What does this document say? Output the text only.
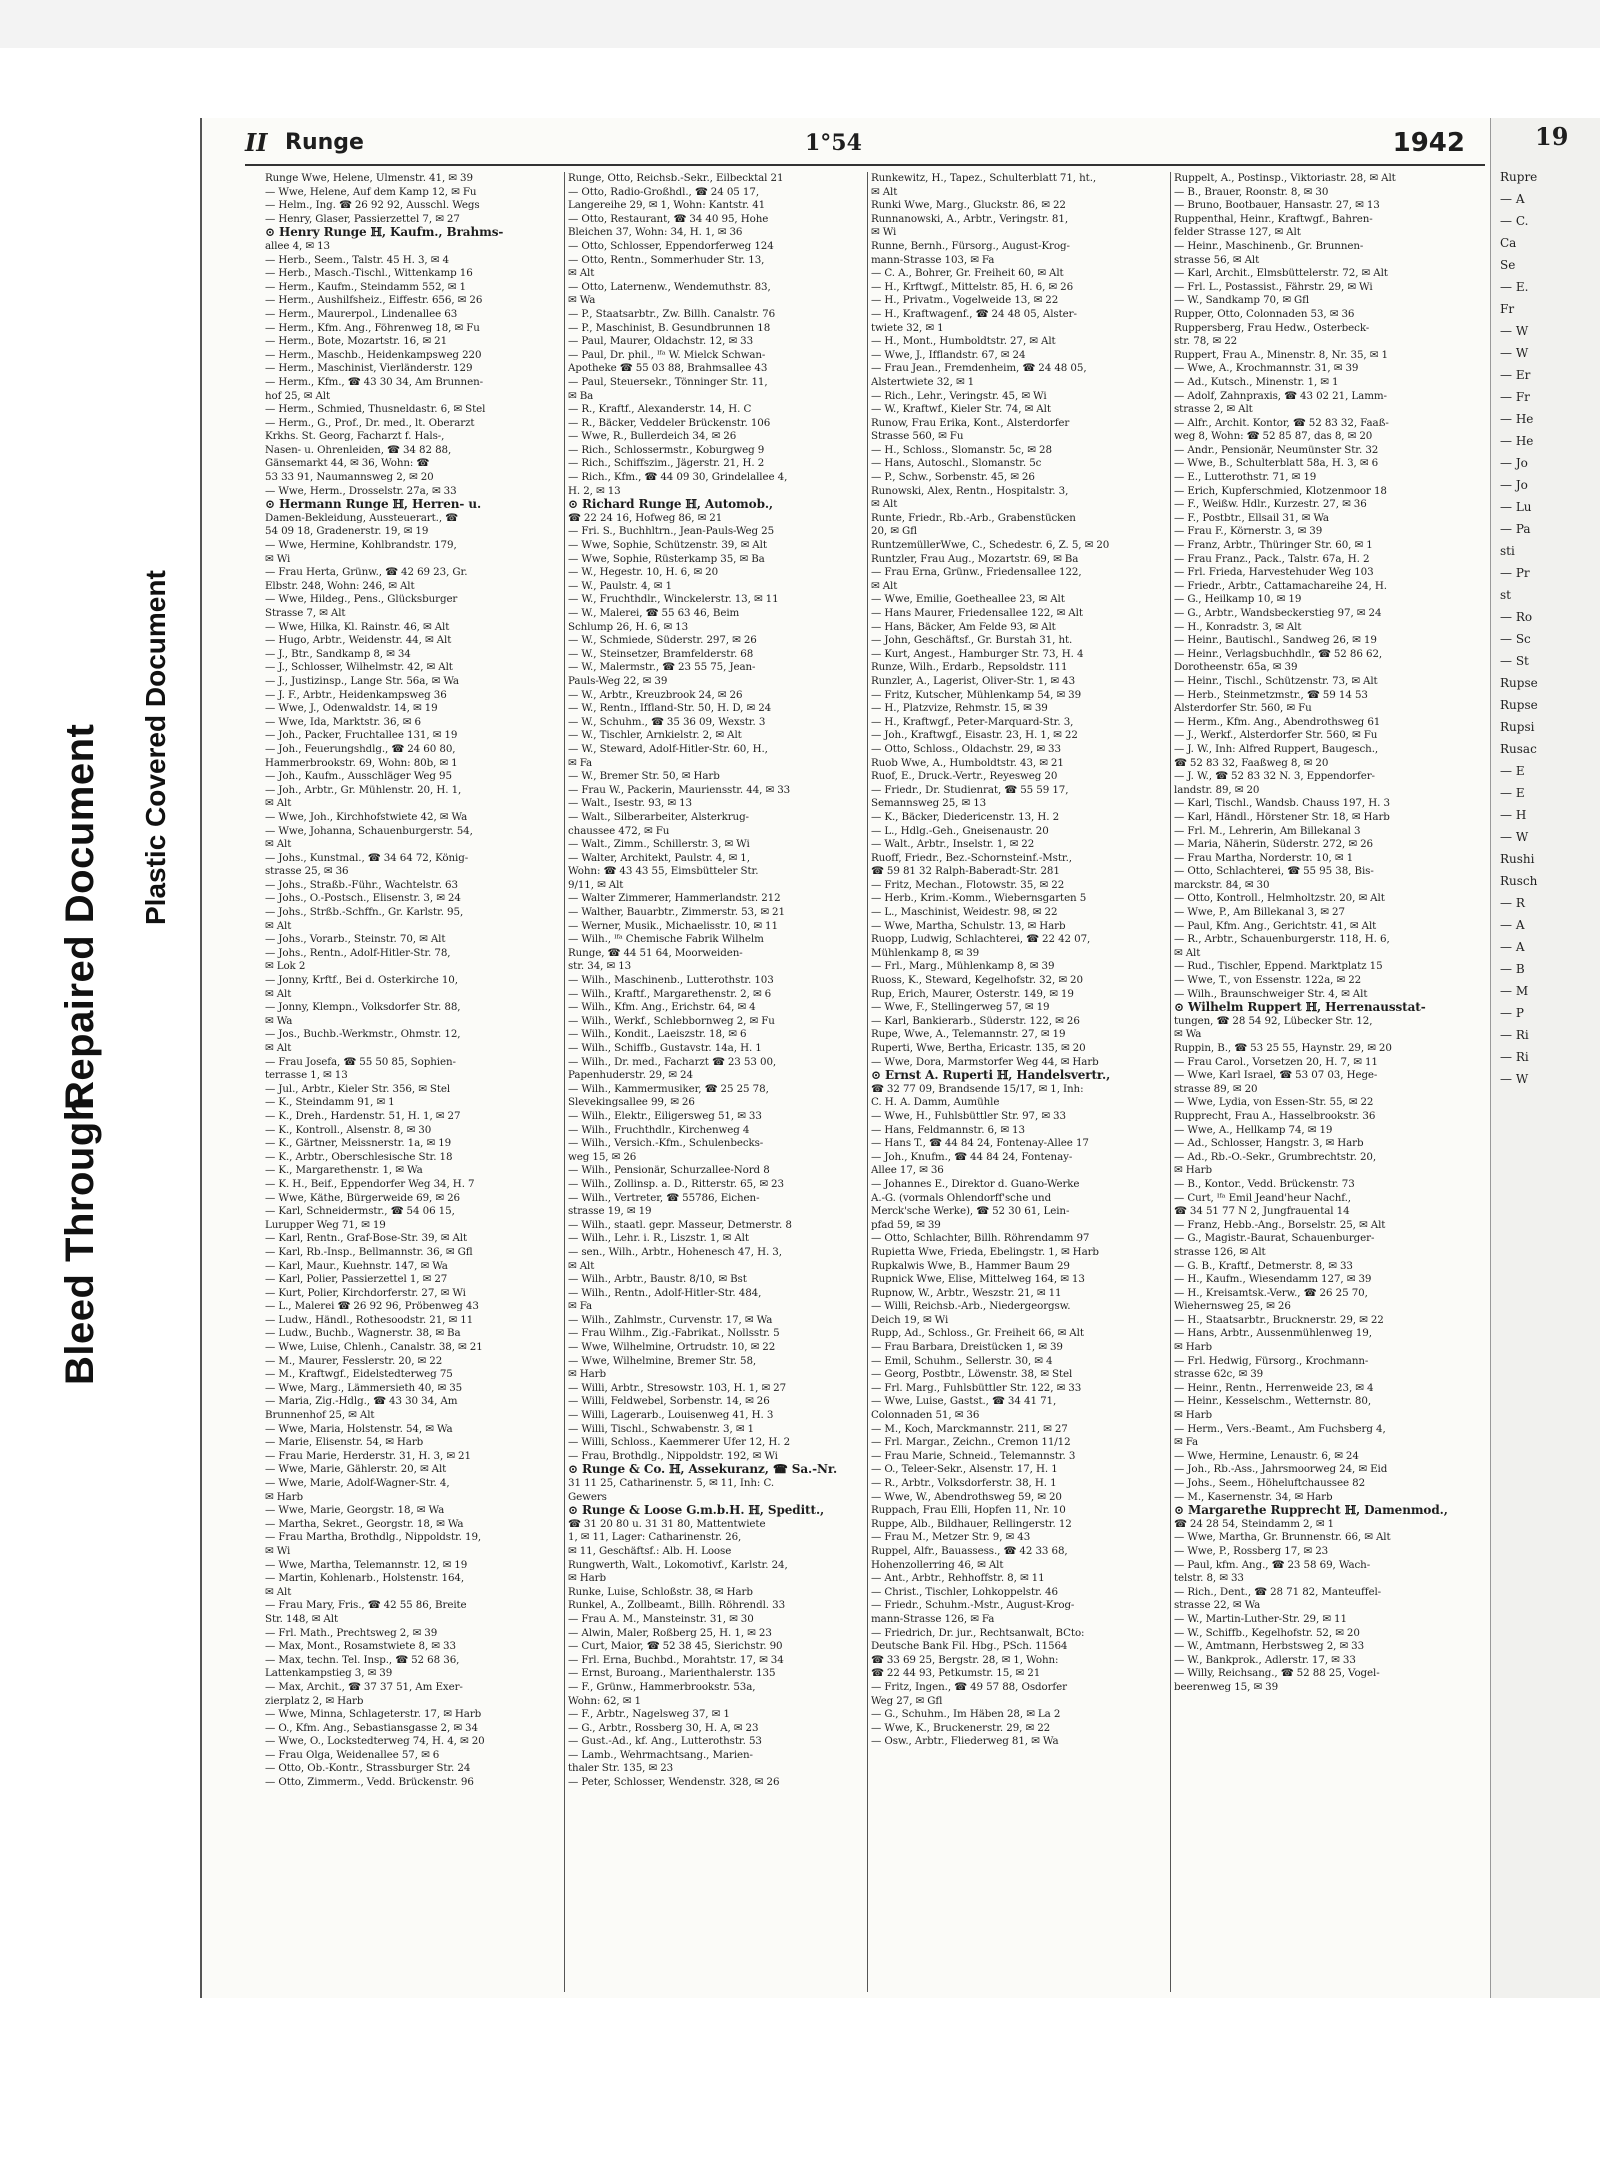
Bleed Through
Repaired Document Plastic Covered Document
19
Rupre
— A
— C.
Ca
Se
— E.
Fr
— W
— W
— Er
— Fr
— He
— He
— Jo
— Jo
— Lu
— Pa
sti
— Pr
st
— Ro
— Sc
— St
Rupse
Rupse
Rupsi
Rusac
— E
— E
— H
— W
Rushi
Rusch
— R
— A
— A
— B
— M
— P
— Ri
— Ri
— W
II Runge	1°54	1942
Runge Wwe, Helene, Ulmenstr. 41, ✉ 39
— Wwe, Helene, Auf dem Kamp 12, ✉ Fu
— Helm., Ing. ☎ 26 92 92, Ausschl. Wegs
— Henry, Glaser, Passierzettel 7, ✉ 27
⊙ Henry Runge ℍ, Kaufm., Brahms-
allee 4, ✉ 13
— Herb., Seem., Talstr. 45 H. 3, ✉ 4
— Herb., Masch.-Tischl., Wittenkamp 16
— Herm., Kaufm., Steindamm 552, ✉ 1
— Herm., Aushilfsheiz., Eiffestr. 656, ✉ 26
— Herm., Maurerpol., Lindenallee 63
— Herm., Kfm. Ang., Föhrenweg 18, ✉ Fu
— Herm., Bote, Mozartstr. 16, ✉ 21
— Herm., Maschb., Heidenkampsweg 220
— Herm., Maschinist, Vierländerstr. 129
— Herm., Kfm., ☎ 43 30 34, Am Brunnen-
hof 25, ✉ Alt
— Herm., Schmied, Thusneldastr. 6, ✉ Stel
— Herm., G., Prof., Dr. med., lt. Oberarzt
Krkhs. St. Georg, Facharzt f. Hals-,
Nasen- u. Ohrenleiden, ☎ 34 82 88,
Gänsemarkt 44, ✉ 36, Wohn: ☎
53 33 91, Naumannsweg 2, ✉ 20
— Wwe, Herm., Drosselstr. 27a, ✉ 33
⊙ Hermann Runge ℍ, Herren- u.
Damen-Bekleidung, Aussteuerart., ☎
54 09 18, Gradenerstr. 19, ✉ 19
— Wwe, Hermine, Kohlbrandstr. 179,
✉ Wi
— Frau Herta, Grünw., ☎ 42 69 23, Gr.
Elbstr. 248, Wohn: 246, ✉ Alt
— Wwe, Hildeg., Pens., Glücksburger
Strasse 7, ✉ Alt
— Wwe, Hilka, Kl. Rainstr. 46, ✉ Alt
— Hugo, Arbtr., Weidenstr. 44, ✉ Alt
— J., Btr., Sandkamp 8, ✉ 34
— J., Schlosser, Wilhelmstr. 42, ✉ Alt
— J., Justizinsp., Lange Str. 56a, ✉ Wa
— J. F., Arbtr., Heidenkampsweg 36
— Wwe, J., Odenwaldstr. 14, ✉ 19
— Wwe, Ida, Marktstr. 36, ✉ 6
— Joh., Packer, Fruchtallee 131, ✉ 19
— Joh., Feuerungshdlg., ☎ 24 60 80,
Hammerbrookstr. 69, Wohn: 80b, ✉ 1
— Joh., Kaufm., Ausschläger Weg 95
— Joh., Arbtr., Gr. Mühlenstr. 20, H. 1,
✉ Alt
— Wwe, Joh., Kirchhofstwiete 42, ✉ Wa
— Wwe, Johanna, Schauenburgerstr. 54,
✉ Alt
— Johs., Kunstmal., ☎ 34 64 72, König-
strasse 25, ✉ 36
— Johs., Straßb.-Führ., Wachtelstr. 63
— Johs., O.-Postsch., Elisenstr. 3, ✉ 24
— Johs., Strßb.-Schffn., Gr. Karlstr. 95,
✉ Alt
— Johs., Vorarb., Steinstr. 70, ✉ Alt
— Johs., Rentn., Adolf-Hitler-Str. 78,
✉ Lok 2
— Jonny, Krftf., Bei d. Osterkirche 10,
✉ Alt
— Jonny, Klempn., Volksdorfer Str. 88,
✉ Wa
— Jos., Buchb.-Werkmstr., Ohmstr. 12,
✉ Alt
— Frau Josefa, ☎ 55 50 85, Sophien-
terrasse 1, ✉ 13
— Jul., Arbtr., Kieler Str. 356, ✉ Stel
— K., Steindamm 91, ✉ 1
— K., Dreh., Hardenstr. 51, H. 1, ✉ 27
— K., Kontroll., Alsenstr. 8, ✉ 30
— K., Gärtner, Meissnerstr. 1a, ✉ 19
— K., Arbtr., Oberschlesische Str. 18
— K., Margarethenstr. 1, ✉ Wa
— K. H., Beif., Eppendorfer Weg 34, H. 7
— Wwe, Käthe, Bürgerweide 69, ✉ 26
— Karl, Schneidermstr., ☎ 54 06 15,
Lurupper Weg 71, ✉ 19
— Karl, Rentn., Graf-Bose-Str. 39, ✉ Alt
— Karl, Rb.-Insp., Bellmannstr. 36, ✉ Gfl
— Karl, Maur., Kuehnstr. 147, ✉ Wa
— Karl, Polier, Passierzettel 1, ✉ 27
— Kurt, Polier, Kirchdorferstr. 27, ✉ Wi
— L., Malerei ☎ 26 92 96, Pröbenweg 43
— Ludw., Händl., Rothesoodstr. 21, ✉ 11
— Ludw., Buchb., Wagnerstr. 38, ✉ Ba
— Wwe, Luise, Chlenh., Canalstr. 38, ✉ 21
— M., Maurer, Fesslerstr. 20, ✉ 22
— M., Kraftwgf., Eidelstedterweg 75
— Wwe, Marg., Lämmersieth 40, ✉ 35
— Maria, Zig.-Hdlg., ☎ 43 30 34, Am
Brunnenhof 25, ✉ Alt
— Wwe, Maria, Holstenstr. 54, ✉ Wa
— Marie, Elisenstr. 54, ✉ Harb
— Frau Marie, Herderstr. 31, H. 3, ✉ 21
— Wwe, Marie, Gählerstr. 20, ✉ Alt
— Wwe, Marie, Adolf-Wagner-Str. 4,
✉ Harb
— Wwe, Marie, Georgstr. 18, ✉ Wa
— Martha, Sekret., Georgstr. 18, ✉ Wa
— Frau Martha, Brothdlg., Nippoldstr. 19,
✉ Wi
— Wwe, Martha, Telemannstr. 12, ✉ 19
— Martin, Kohlenarb., Holstenstr. 164,
✉ Alt
— Frau Mary, Fris., ☎ 42 55 86, Breite
Str. 148, ✉ Alt
— Frl. Math., Prechtsweg 2, ✉ 39
— Max, Mont., Rosamstwiete 8, ✉ 33
— Max, techn. Tel. Insp., ☎ 52 68 36,
Lattenkampstieg 3, ✉ 39
— Max, Archit., ☎ 37 37 51, Am Exer-
zierplatz 2, ✉ Harb
— Wwe, Minna, Schlageterstr. 17, ✉ Harb
— O., Kfm. Ang., Sebastiansgasse 2, ✉ 34
— Wwe, O., Lockstedterweg 74, H. 4, ✉ 20
— Frau Olga, Weidenallee 57, ✉ 6
— Otto, Ob.-Kontr., Strassburger Str. 24
— Otto, Zimmerm., Vedd. Brückenstr. 96
Runge, Otto, Reichsb.-Sekr., Eilbecktal 21
— Otto, Radio-Großhdl., ☎ 24 05 17,
Langereihe 29, ✉ 1, Wohn: Kantstr. 41
— Otto, Restaurant, ☎ 34 40 95, Hohe
Bleichen 37, Wohn: 34, H. 1, ✉ 36
— Otto, Schlosser, Eppendorferweg 124
— Otto, Rentn., Sommerhuder Str. 13,
✉ Alt
— Otto, Laternenw., Wendemuthstr. 83,
✉ Wa
— P., Staatsarbtr., Zw. Billh. Canalstr. 76
— P., Maschinist, B. Gesundbrunnen 18
— Paul, Maurer, Oldachstr. 12, ✉ 33
— Paul, Dr. phil., ᴵᶠᵃ W. Mielck Schwan-
Apotheke ☎ 55 03 88, Brahmsallee 43
— Paul, Steuersekr., Tönninger Str. 11,
✉ Ba
— R., Kraftf., Alexanderstr. 14, H. C
— R., Bäcker, Veddeler Brückenstr. 106
— Wwe, R., Bullerdeich 34, ✉ 26
— Rich., Schlossermstr., Koburgweg 9
— Rich., Schiffszim., Jägerstr. 21, H. 2
— Rich., Kfm., ☎ 44 09 30, Grindelallee 4,
H. 2, ✉ 13
⊙ Richard Runge ℍ, Automob.,
☎ 22 24 16, Hofweg 86, ✉ 21
— Fri. S., Buchhltrn., Jean-Pauls-Weg 25
— Wwe, Sophie, Schützenstr. 39, ✉ Alt
— Wwe, Sophie, Rüsterkamp 35, ✉ Ba
— W., Hegestr. 10, H. 6, ✉ 20
— W., Paulstr. 4, ✉ 1
— W., Fruchthdlr., Winckelerstr. 13, ✉ 11
— W., Malerei, ☎ 55 63 46, Beim
Schlump 26, H. 6, ✉ 13
— W., Schmiede, Süderstr. 297, ✉ 26
— W., Steinsetzer, Bramfelderstr. 68
— W., Malermstr., ☎ 23 55 75, Jean-
Pauls-Weg 22, ✉ 39
— W., Arbtr., Kreuzbrook 24, ✉ 26
— W., Rentn., Iffland-Str. 50, H. D, ✉ 24
— W., Schuhm., ☎ 35 36 09, Wexstr. 3
— W., Tischler, Arnkielstr. 2, ✉ Alt
— W., Steward, Adolf-Hitler-Str. 60, H.,
✉ Fa
— W., Bremer Str. 50, ✉ Harb
— Frau W., Packerin, Mauriensstr. 44, ✉ 33
— Walt., Isestr. 93, ✉ 13
— Walt., Silberarbeiter, Alsterkrug-
chaussee 472, ✉ Fu
— Walt., Zimm., Schillerstr. 3, ✉ Wi
— Walter, Architekt, Paulstr. 4, ✉ 1,
Wohn: ☎ 43 43 55, Eimsbütteler Str.
9/11, ✉ Alt
— Walter Zimmerer, Hammerlandstr. 212
— Walther, Bauarbtr., Zimmerstr. 53, ✉ 21
— Werner, Musik., Michaelisstr. 10, ✉ 11
— Wilh., ᴵᶠᵃ Chemische Fabrik Wilhelm
Runge, ☎ 44 51 64, Moorweiden-
str. 34, ✉ 13
— Wilh., Maschinenb., Lutterothstr. 103
— Wilh., Kraftf., Margarethenstr. 2, ✉ 6
— Wilh., Kfm. Ang., Erichstr. 64, ✉ 4
— Wilh., Werkf., Schlebbornweg 2, ✉ Fu
— Wilh., Kondit., Laeiszstr. 18, ✉ 6
— Wilh., Schiffb., Gustavstr. 14a, H. 1
— Wilh., Dr. med., Facharzt ☎ 23 53 00,
Papenhuderstr. 29, ✉ 24
— Wilh., Kammermusiker, ☎ 25 25 78,
Slevekingsallee 99, ✉ 26
— Wilh., Elektr., Eiligersweg 51, ✉ 33
— Wilh., Fruchthdlr., Kirchenweg 4
— Wilh., Versich.-Kfm., Schulenbecks-
weg 15, ✉ 26
— Wilh., Pensionär, Schurzallee-Nord 8
— Wilh., Zollinsp. a. D., Ritterstr. 65, ✉ 23
— Wilh., Vertreter, ☎ 55786, Eichen-
strasse 19, ✉ 19
— Wilh., staatl. gepr. Masseur, Detmerstr. 8
— Wilh., Lehr. i. R., Liszstr. 1, ✉ Alt
— sen., Wilh., Arbtr., Hohenesch 47, H. 3,
✉ Alt
— Wilh., Arbtr., Baustr. 8/10, ✉ Bst
— Wilh., Rentn., Adolf-Hitler-Str. 484,
✉ Fa
— Wilh., Zahlmstr., Curvenstr. 17, ✉ Wa
— Frau Wilhm., Zig.-Fabrikat., Nollsstr. 5
— Wwe, Wilhelmine, Ortrudstr. 10, ✉ 22
— Wwe, Wilhelmine, Bremer Str. 58,
✉ Harb
— Willi, Arbtr., Stresowstr. 103, H. 1, ✉ 27
— Willi, Feldwebel, Sorbenstr. 14, ✉ 26
— Willi, Lagerarb., Louisenweg 41, H. 3
— Willi, Tischl., Schwabenstr. 3, ✉ 1
— Willi, Schloss., Kaemmerer Ufer 12, H. 2
— Frau, Brothdlg., Nippoldstr. 192, ✉ Wi
⊙ Runge & Co. ℍ, Assekuranz, ☎ Sa.-Nr.
31 11 25, Catharinenstr. 5, ✉ 11, Inh: C.
Gewers
⊙ Runge & Loose G.m.b.H. ℍ, Speditt.,
☎ 31 20 80 u. 31 31 80, Mattentwiete
1, ✉ 11, Lager: Catharinenstr. 26,
✉ 11, Geschäftsf.: Alb. H. Loose
Rungwerth, Walt., Lokomotivf., Karlstr. 24,
✉ Harb
Runke, Luise, Schloßstr. 38, ✉ Harb
Runkel, A., Zollbeamt., Billh. Röhrendl. 33
— Frau A. M., Mansteinstr. 31, ✉ 30
— Alwin, Maler, Roßberg 25, H. 1, ✉ 23
— Curt, Maior, ☎ 52 38 45, Sierichstr. 90
— Frl. Erna, Buchbd., Morahtstr. 17, ✉ 34
— Ernst, Buroang., Marienthalerstr. 135
— F., Grünw., Hammerbrookstr. 53a,
Wohn: 62, ✉ 1
— F., Arbtr., Nagelsweg 37, ✉ 1
— G., Arbtr., Rossberg 30, H. A, ✉ 23
— Gust.-Ad., kf. Ang., Lutterothstr. 53
— Lamb., Wehrmachtsang., Marien-
thaler Str. 135, ✉ 23
— Peter, Schlosser, Wendenstr. 328, ✉ 26
Runkewitz, H., Tapez., Schulterblatt 71, ht.,
✉ Alt
Runki Wwe, Marg., Gluckstr. 86, ✉ 22
Runnanowski, A., Arbtr., Veringstr. 81,
✉ Wi
Runne, Bernh., Fürsorg., August-Krog-
mann-Strasse 103, ✉ Fa
— C. A., Bohrer, Gr. Freiheit 60, ✉ Alt
— H., Krftwgf., Mittelstr. 85, H. 6, ✉ 26
— H., Privatm., Vogelweide 13, ✉ 22
— H., Kraftwagenf., ☎ 24 48 05, Alster-
twiete 32, ✉ 1
— H., Mont., Humboldtstr. 27, ✉ Alt
— Wwe, J., Ifflandstr. 67, ✉ 24
— Frau Jean., Fremdenheim, ☎ 24 48 05,
Alstertwiete 32, ✉ 1
— Rich., Lehr., Veringstr. 45, ✉ Wi
— W., Kraftwf., Kieler Str. 74, ✉ Alt
Runow, Frau Erika, Kont., Alsterdorfer
Strasse 560, ✉ Fu
— H., Schloss., Slomanstr. 5c, ✉ 28
— Hans, Autoschl., Slomanstr. 5c
— P., Schw., Sorbenstr. 45, ✉ 26
Runowski, Alex, Rentn., Hospitalstr. 3,
✉ Alt
Runte, Friedr., Rb.-Arb., Grabenstücken
20, ✉ Gfl
RuntzemüllerWwe, C., Schedestr. 6, Z. 5, ✉ 20
Runtzler, Frau Aug., Mozartstr. 69, ✉ Ba
— Frau Erna, Grünw., Friedensallee 122,
✉ Alt
— Wwe, Emilie, Goetheallee 23, ✉ Alt
— Hans Maurer, Friedensallee 122, ✉ Alt
— Hans, Bäcker, Am Felde 93, ✉ Alt
— John, Geschäftsf., Gr. Burstah 31, ht.
— Kurt, Angest., Hamburger Str. 73, H. 4
Runze, Wilh., Erdarb., Repsoldstr. 111
Runzler, A., Lagerist, Oliver-Str. 1, ✉ 43
— Fritz, Kutscher, Mühlenkamp 54, ✉ 39
— H., Platzvize, Rehmstr. 15, ✉ 39
— H., Kraftwgf., Peter-Marquard-Str. 3,
— Joh., Kraftwgf., Eisastr. 23, H. 1, ✉ 22
— Otto, Schloss., Oldachstr. 29, ✉ 33
Ruob Wwe, A., Humboldtstr. 43, ✉ 21
Ruof, E., Druck.-Vertr., Reyesweg 20
— Friedr., Dr. Studienrat, ☎ 55 59 17,
Semannsweg 25, ✉ 13
— K., Bäcker, Diedericenstr. 13, H. 2
— L., Hdlg.-Geh., Gneisenaustr. 20
— Walt., Arbtr., Inselstr. 1, ✉ 22
Ruoff, Friedr., Bez.-Schornsteinf.-Mstr.,
☎ 59 81 32 Ralph-Baberadt-Str. 281
— Fritz, Mechan., Flotowstr. 35, ✉ 22
— Herb., Krim.-Komm., Wiebernsgarten 5
— L., Maschinist, Weidestr. 98, ✉ 22
— Wwe, Martha, Schulstr. 13, ✉ Harb
Ruopp, Ludwig, Schlachterei, ☎ 22 42 07,
Mühlenkamp 8, ✉ 39
— Frl., Marg., Mühlenkamp 8, ✉ 39
Ruoss, K., Steward, Kegelhofstr. 32, ✉ 20
Rup, Erich, Maurer, Osterstr. 149, ✉ 19
— Wwe, F., Stellingerweg 57, ✉ 19
— Karl, Bankierarb., Süderstr. 122, ✉ 26
Rupe, Wwe, A., Telemannstr. 27, ✉ 19
Ruperti, Wwe, Bertha, Ericastr. 135, ✉ 20
— Wwe, Dora, Marmstorfer Weg 44, ✉ Harb
⊙ Ernst A. Ruperti ℍ, Handelsvertr.,
☎ 32 77 09, Brandsende 15/17, ✉ 1, Inh:
C. H. A. Damm, Aumühle
— Wwe, H., Fuhlsbüttler Str. 97, ✉ 33
— Hans, Feldmannstr. 6, ✉ 13
— Hans T., ☎ 44 84 24, Fontenay-Allee 17
— Joh., Knufm., ☎ 44 84 24, Fontenay-
Allee 17, ✉ 36
— Johannes E., Direktor d. Guano-Werke
A.-G. (vormals Ohlendorff'sche und
Merck'sche Werke), ☎ 52 30 61, Lein-
pfad 59, ✉ 39
— Otto, Schlachter, Billh. Röhrendamm 97
Rupietta Wwe, Frieda, Ebelingstr. 1, ✉ Harb
Rupkalwis Wwe, B., Hammer Baum 29
Rupnick Wwe, Elise, Mittelweg 164, ✉ 13
Rupnow, W., Arbtr., Weszstr. 21, ✉ 11
— Willi, Reichsb.-Arb., Niedergeorgsw.
Deich 19, ✉ Wi
Rupp, Ad., Schloss., Gr. Freiheit 66, ✉ Alt
— Frau Barbara, Dreistücken 1, ✉ 39
— Emil, Schuhm., Sellerstr. 30, ✉ 4
— Georg, Postbtr., Löwenstr. 38, ✉ Stel
— Frl. Marg., Fuhlsbüttler Str. 122, ✉ 33
— Wwe, Luise, Gastst., ☎ 34 41 71,
Colonnaden 51, ✉ 36
— M., Koch, Marckmannstr. 211, ✉ 27
— Frl. Margar., Zeichn., Cremon 11/12
— Frau Marie, Schneid., Telemannstr. 3
— O., Teleer-Sekr., Alsenstr. 17, H. 1
— R., Arbtr., Volksdorferstr. 38, H. 1
— Wwe, W., Abendrothsweg 59, ✉ 20
Ruppach, Frau Elli, Hopfen 11, Nr. 10
Ruppe, Alb., Bildhauer, Rellingerstr. 12
— Frau M., Metzer Str. 9, ✉ 43
Ruppel, Alfr., Bauassess., ☎ 42 33 68,
Hohenzollerring 46, ✉ Alt
— Ant., Arbtr., Rehhoffstr. 8, ✉ 11
— Christ., Tischler, Lohkoppelstr. 46
— Friedr., Schuhm.-Mstr., August-Krog-
mann-Strasse 126, ✉ Fa
— Friedrich, Dr. jur., Rechtsanwalt, BCto:
Deutsche Bank Fil. Hbg., PSch. 11564
☎ 33 69 25, Bergstr. 28, ✉ 1, Wohn:
☎ 22 44 93, Petkumstr. 15, ✉ 21
— Fritz, Ingen., ☎ 49 57 88, Osdorfer
Weg 27, ✉ Gfl
— G., Schuhm., Im Häben 28, ✉ La 2
— Wwe, K., Bruckenerstr. 29, ✉ 22
— Osw., Arbtr., Fliederweg 81, ✉ Wa
Ruppelt, A., Postinsp., Viktoriastr. 28, ✉ Alt
— B., Brauer, Roonstr. 8, ✉ 30
— Bruno, Bootbauer, Hansastr. 27, ✉ 13
Ruppenthal, Heinr., Kraftwgf., Bahren-
felder Strasse 127, ✉ Alt
— Heinr., Maschinenb., Gr. Brunnen-
strasse 56, ✉ Alt
— Karl, Archit., Elmsbüttelerstr. 72, ✉ Alt
— Frl. L., Postassist., Fährstr. 29, ✉ Wi
— W., Sandkamp 70, ✉ Gfl
Rupper, Otto, Colonnaden 53, ✉ 36
Ruppersberg, Frau Hedw., Osterbeck-
str. 78, ✉ 22
Ruppert, Frau A., Minenstr. 8, Nr. 35, ✉ 1
— Wwe, A., Krochmannstr. 31, ✉ 39
— Ad., Kutsch., Minenstr. 1, ✉ 1
— Adolf, Zahnpraxis, ☎ 43 02 21, Lamm-
strasse 2, ✉ Alt
— Alfr., Archit. Kontor, ☎ 52 83 32, Faaß-
weg 8, Wohn: ☎ 52 85 87, das 8, ✉ 20
— Andr., Pensionär, Neumünster Str. 32
— Wwe, B., Schulterblatt 58a, H. 3, ✉ 6
— E., Lutterothstr. 71, ✉ 19
— Erich, Kupferschmied, Klotzenmoor 18
— F., Weißw. Hdlr., Kurzestr. 27, ✉ 36
— F., Postbtr., Ellsail 31, ✉ Wa
— Frau F., Körnerstr. 3, ✉ 39
— Franz, Arbtr., Thüringer Str. 60, ✉ 1
— Frau Franz., Pack., Talstr. 67a, H. 2
— Frl. Frieda, Harvestehuder Weg 103
— Friedr., Arbtr., Cattamachareihe 24, H.
— G., Heilkamp 10, ✉ 19
— G., Arbtr., Wandsbeckerstieg 97, ✉ 24
— H., Konradstr. 3, ✉ Alt
— Heinr., Bautischl., Sandweg 26, ✉ 19
— Heinr., Verlagsbuchhdlr., ☎ 52 86 62,
Dorotheenstr. 65a, ✉ 39
— Heinr., Tischl., Schützenstr. 73, ✉ Alt
— Herb., Steinmetzmstr., ☎ 59 14 53
Alsterdorfer Str. 560, ✉ Fu
— Herm., Kfm. Ang., Abendrothsweg 61
— J., Werkf., Alsterdorfer Str. 560, ✉ Fu
— J. W., Inh: Alfred Ruppert, Baugesch.,
☎ 52 83 32, Faaßweg 8, ✉ 20
— J. W., ☎ 52 83 32 N. 3, Eppendorfer-
landstr. 89, ✉ 20
— Karl, Tischl., Wandsb. Chauss 197, H. 3
— Karl, Händl., Hörstener Str. 18, ✉ Harb
— Frl. M., Lehrerin, Am Billekanal 3
— Maria, Näherin, Süderstr. 272, ✉ 26
— Frau Martha, Norderstr. 10, ✉ 1
— Otto, Schlachterei, ☎ 55 95 38, Bis-
marckstr. 84, ✉ 30
— Otto, Kontroll., Helmholtzstr. 20, ✉ Alt
— Wwe, P., Am Billekanal 3, ✉ 27
— Paul, Kfm. Ang., Gerichtstr. 41, ✉ Alt
— R., Arbtr., Schauenburgerstr. 118, H. 6,
✉ Alt
— Rud., Tischler, Eppend. Marktplatz 15
— Wwe, T., von Essenstr. 122a, ✉ 22
— Wilh., Braunschweiger Str. 4, ✉ Alt
⊙ Wilhelm Ruppert ℍ, Herrenausstat-
tungen, ☎ 28 54 92, Lübecker Str. 12,
✉ Wa
Ruppin, B., ☎ 53 25 55, Haynstr. 29, ✉ 20
— Frau Carol., Vorsetzen 20, H. 7, ✉ 11
— Wwe, Karl Israel, ☎ 53 07 03, Hege-
strasse 89, ✉ 20
— Wwe, Lydia, von Essen-Str. 55, ✉ 22
Rupprecht, Frau A., Hasselbrookstr. 36
— Wwe, A., Hellkamp 74, ✉ 19
— Ad., Schlosser, Hangstr. 3, ✉ Harb
— Ad., Rb.-O.-Sekr., Grumbrechtstr. 20,
✉ Harb
— B., Kontor., Vedd. Brückenstr. 73
— Curt, ᴵᶠᵃ Emil Jeand'heur Nachf.,
☎ 34 51 77 N 2, Jungfrauental 14
— Franz, Hebb.-Ang., Borselstr. 25, ✉ Alt
— G., Magistr.-Baurat, Schauenburger-
strasse 126, ✉ Alt
— G. B., Kraftf., Detmerstr. 8, ✉ 33
— H., Kaufm., Wiesendamm 127, ✉ 39
— H., Kreisamtsk.-Verw., ☎ 26 25 70,
Wiehernsweg 25, ✉ 26
— H., Staatsarbtr., Brucknerstr. 29, ✉ 22
— Hans, Arbtr., Aussenmühlenweg 19,
✉ Harb
— Frl. Hedwig, Fürsorg., Krochmann-
strasse 62c, ✉ 39
— Heinr., Rentn., Herrenweide 23, ✉ 4
— Heinr., Kesselschm., Wetternstr. 80,
✉ Harb
— Herm., Vers.-Beamt., Am Fuchsberg 4,
✉ Fa
— Wwe, Hermine, Lenaustr. 6, ✉ 24
— Joh., Rb.-Ass., Jahrsmoorweg 24, ✉ Eid
— Johs., Seem., Höheluftchaussee 82
— M., Kasernenstr. 34, ✉ Harb
⊙ Margarethe Rupprecht ℍ, Damenmod.,
☎ 24 28 54, Steindamm 2, ✉ 1
— Wwe, Martha, Gr. Brunnenstr. 66, ✉ Alt
— Wwe, P., Rossberg 17, ✉ 23
— Paul, kfm. Ang., ☎ 23 58 69, Wach-
telstr. 8, ✉ 33
— Rich., Dent., ☎ 28 71 82, Manteuffel-
strasse 22, ✉ Wa
— W., Martin-Luther-Str. 29, ✉ 11
— W., Schiffb., Kegelhofstr. 52, ✉ 20
— W., Amtmann, Herbstsweg 2, ✉ 33
— W., Bankprok., Adlerstr. 17, ✉ 33
— Willy, Reichsang., ☎ 52 88 25, Vogel-
beerenweg 15, ✉ 39
